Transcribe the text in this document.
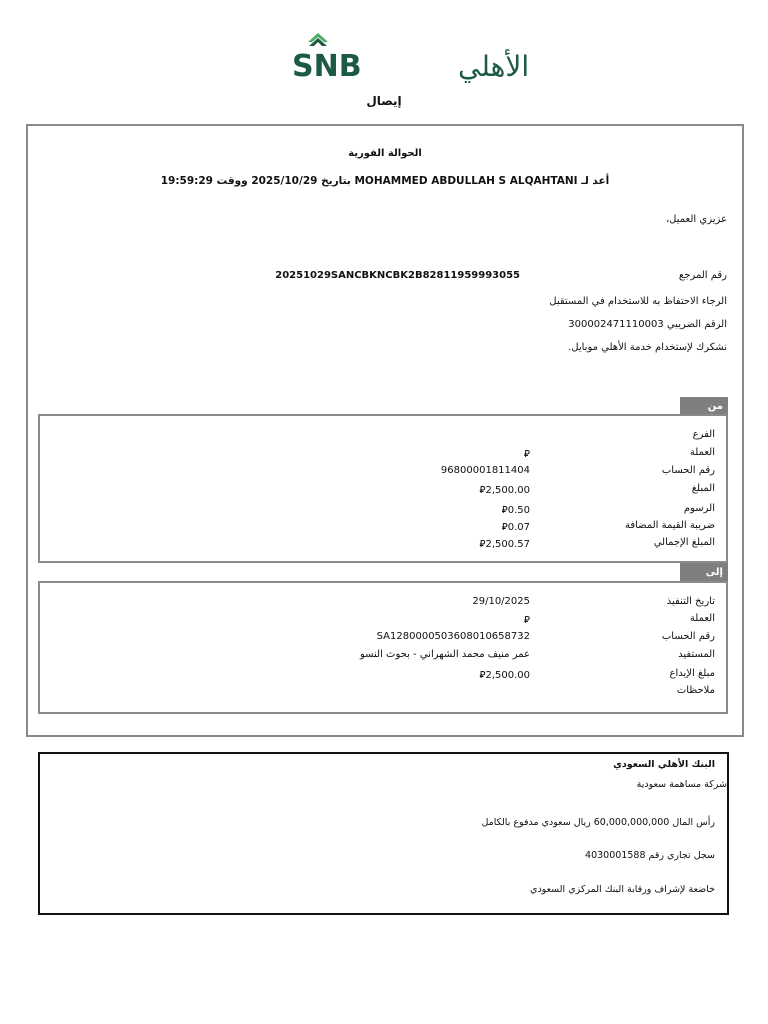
SNB	الأهلي
إيصال
الحوالة الفورية
أعد لـ MOHAMMED ABDULLAH S ALQAHTANI بتاريخ 2025/10/29 ووقت 19:59:29
عزيزي العميل،
رقم المرجع
20251029SANCBKNCBK2B82811959993055
الرجاء الاحتفاظ به للاستخدام في المستقبل
الرقم الضريبي 300002471110003
نشكرك لإستخدام خدمة الأهلي موبايل.
من
الفرع
العملة
⃁
رقم الحساب
96800001811404
المبلغ
⃁2,500.00
الرسوم
⃁0.50
ضريبة القيمة المضافة
⃁0.07
المبلغ الإجمالي
⃁2,500.57
إلى
تاريخ التنفيذ
29/10/2025
العملة
⃁
رقم الحساب
SA1280000503608010658732
المستفيد
عمر منيف محمد الشهراني - بحوث النسو
مبلغ الإيداع
⃁2,500.00
ملاحظات
البنك الأهلي السعودي
شركة مساهمة سعودية
رأس المال 60,000,000,000 ريال سعودي مدفوع بالكامل
سجل تجاري رقم 4030001588
خاضعة لإشراف ورقابة البنك المركزي السعودي
